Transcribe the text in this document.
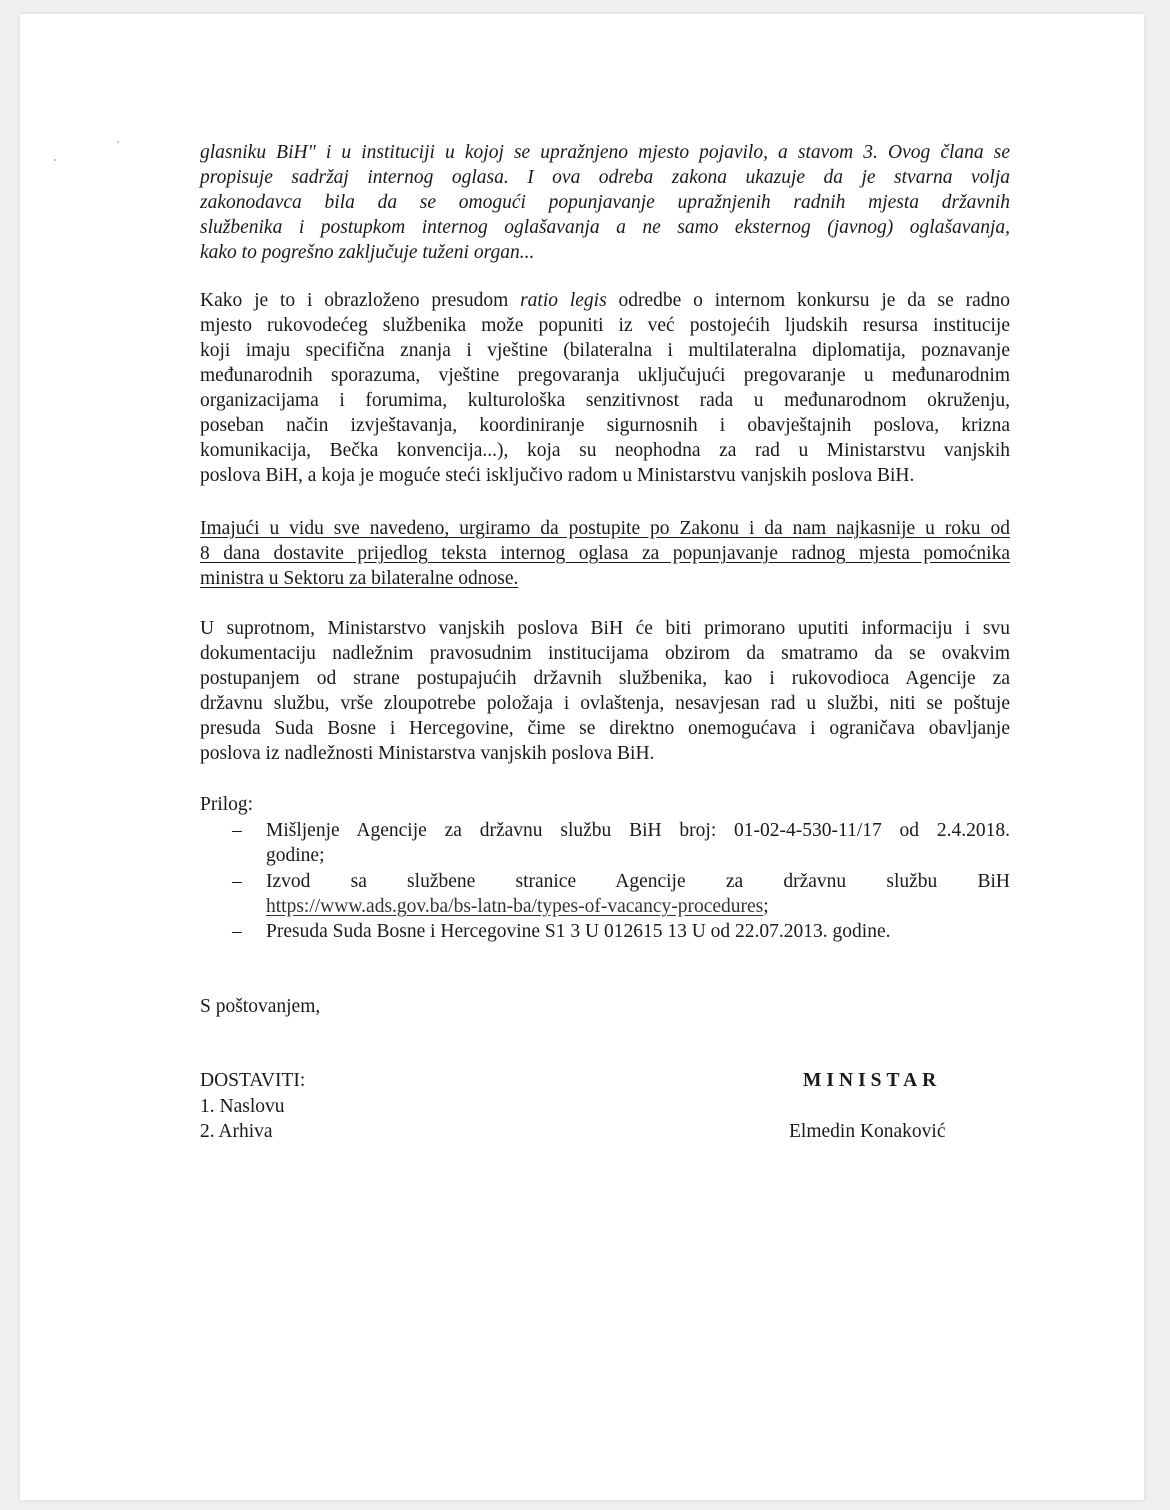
glasniku BiH" i u instituciji u kojoj se upražnjeno mjesto pojavilo, a stavom 3. Ovog člana se
propisuje sadržaj internog oglasa. I ova odreba zakona ukazuje da je stvarna volja
zakonodavca bila da se omogući popunjavanje upražnjenih radnih mjesta državnih
službenika i postupkom internog oglašavanja a ne samo eksternog (javnog) oglašavanja,
kako to pogrešno zaključuje tuženi organ...
Kako je to i obrazloženo presudom ratio legis odredbe o internom konkursu je da se radno
mjesto rukovodećeg službenika može popuniti iz već postojećih ljudskih resursa institucije
koji imaju specifična znanja i vještine (bilateralna i multilateralna diplomatija, poznavanje
međunarodnih sporazuma, vještine pregovaranja uključujući pregovaranje u međunarodnim
organizacijama i forumima, kulturološka senzitivnost rada u međunarodnom okruženju,
poseban način izvještavanja, koordiniranje sigurnosnih i obavještajnih poslova, krizna
komunikacija, Bečka konvencija...), koja su neophodna za rad u Ministarstvu vanjskih
poslova BiH, a koja je moguće steći isključivo radom u Ministarstvu vanjskih poslova BiH.
Imajući u vidu sve navedeno, urgiramo da postupite po Zakonu i da nam najkasnije u roku od
8 dana dostavite prijedlog teksta internog oglasa za popunjavanje radnog mjesta pomoćnika
ministra u Sektoru za bilateralne odnose.
U suprotnom, Ministarstvo vanjskih poslova BiH će biti primorano uputiti informaciju i svu
dokumentaciju nadležnim pravosudnim institucijama obzirom da smatramo da se ovakvim
postupanjem od strane postupajućih državnih službenika, kao i rukovodioca Agencije za
državnu službu, vrše zloupotrebe položaja i ovlaštenja, nesavjesan rad u službi, niti se poštuje
presuda Suda Bosne i Hercegovine, čime se direktno onemogućava i ograničava obavljanje
poslova iz nadležnosti Ministarstva vanjskih poslova BiH.
Prilog:
– Mišljenje Agencije za državnu službu BiH broj: 01-02-4-530-11/17 od 2.4.2018.
godine;
– Izvod sa službene stranice Agencije za državnu službu BiH
https://www.ads.gov.ba/bs-latn-ba/types-of-vacancy-procedures;
– Presuda Suda Bosne i Hercegovine S1 3 U 012615 13 U od 22.07.2013. godine.
S poštovanjem,
DOSTAVITI:
1. Naslovu
2. Arhiva
MINISTAR
Elmedin Konaković
